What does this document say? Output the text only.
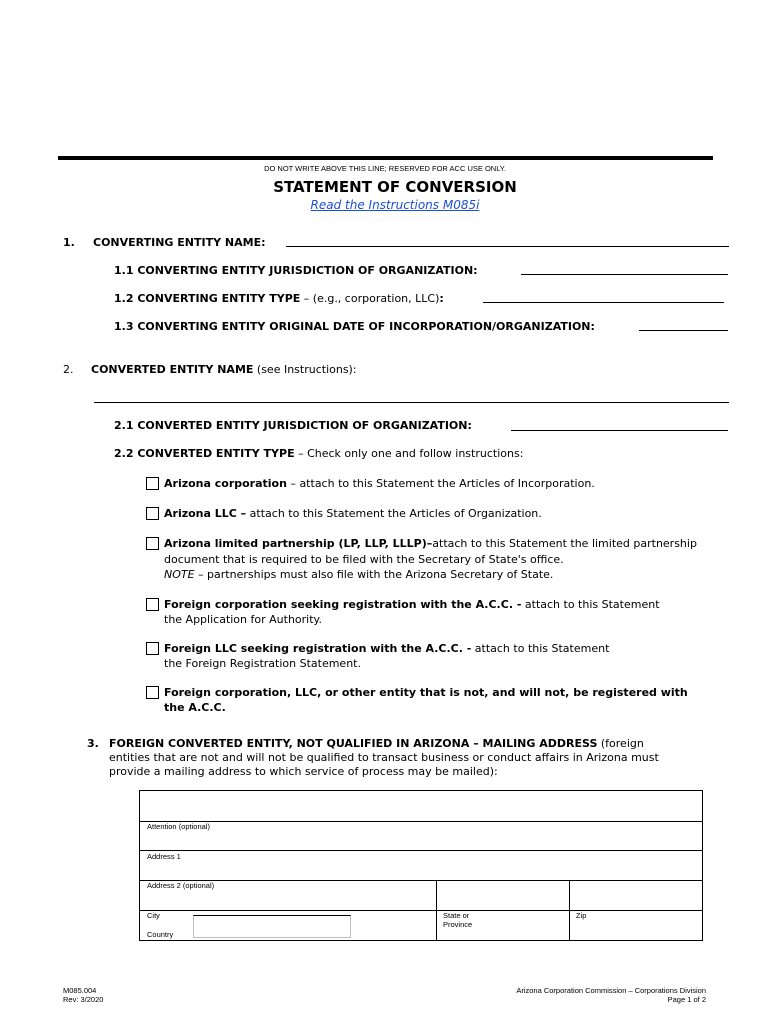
DO NOT WRITE ABOVE THIS LINE; RESERVED FOR ACC USE ONLY.
STATEMENT OF CONVERSION
Read the Instructions M085i
1. CONVERTING ENTITY NAME:
1.1 CONVERTING ENTITY JURISDICTION OF ORGANIZATION:
1.2 CONVERTING ENTITY TYPE – (e.g., corporation, LLC):
1.3 CONVERTING ENTITY ORIGINAL DATE OF INCORPORATION/ORGANIZATION:
2. CONVERTED ENTITY NAME (see Instructions):
2.1 CONVERTED ENTITY JURISDICTION OF ORGANIZATION:
2.2 CONVERTED ENTITY TYPE – Check only one and follow instructions:
Arizona corporation – attach to this Statement the Articles of Incorporation.
Arizona LLC – attach to this Statement the Articles of Organization.
Arizona limited partnership (LP, LLP, LLLP)–attach to this Statement the limited partnership
document that is required to be filed with the Secretary of State's office.
NOTE – partnerships must also file with the Arizona Secretary of State.
Foreign corporation seeking registration with the A.C.C. - attach to this Statement
the Application for Authority.
Foreign LLC seeking registration with the A.C.C. - attach to this Statement
the Foreign Registration Statement.
Foreign corporation, LLC, or other entity that is not, and will not, be registered with
the A.C.C.
3. FOREIGN CONVERTED ENTITY, NOT QUALIFIED IN ARIZONA – MAILING ADDRESS (foreign
entities that are not and will not be qualified to transact business or conduct affairs in Arizona must
provide a mailing address to which service of process may be mailed):
Attention (optional)
Address 1
Address 2 (optional)
City
Country
State or
Province
Zip
M085.004
Rev: 3/2020
Arizona Corporation Commission – Corporations Division
Page 1 of 2
